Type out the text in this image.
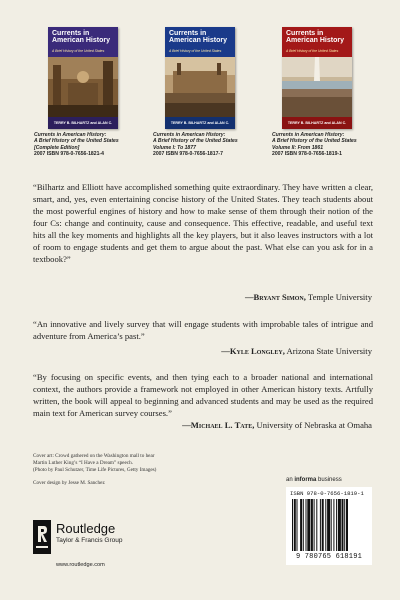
Currents in American History
A Brief History of the United States
TERRY B. BILHARTZ and ALAN C.
Currents in American History
A Brief History of the United States
TERRY B. BILHARTZ and ALAN C.
Currents in American History
A Brief History of the United States
TERRY B. BILHARTZ and ALAN C.
Currents in American History:
A Brief History of the United States
[Complete Edition]
2007 ISBN 978-0-7656-1821-4
Currents in American History:
A Brief History of the United States
Volume I: To 1877
2007 ISBN 978-0-7656-1817-7
Currents in American History:
A Brief History of the United States
Volume II: From 1861
2007 ISBN 978-0-7656-1819-1
“Bilhartz and Elliott have accomplished something quite extraordinary. They have written a clear, smart, and, yes, even entertaining concise history of the United States. They teach students about the most powerful engines of history and how to make sense of them through their notion of the four Cs: change and continuity, cause and consequence. This effective, readable, and useful text hits all the key moments and highlights all the key players, but it also leaves instructors with a lot of room to engage students and get them to argue about the past. What else can you ask for in a textbook?”
—Bryant Simon, Temple University
“An innovative and lively survey that will engage students with improbable tales of intrigue and adventure from America’s past.”
—Kyle Longley, Arizona State University
“By focusing on specific events, and then tying each to a broader national and international context, the authors provide a framework not employed in other American history texts. Artfully written, the book will appeal to beginning and advanced students and may be used as the required main text for American survey courses.”
—Michael L. Tate, University of Nebraska at Omaha
Cover art: Crowd gathered on the Washington mall to hear
Martin Luther King’s “I Have a Dream” speech.
(Photo by Paul Schutzer, Time Life Pictures, Getty Images)
Cover design by Jesse M. Sanchez	an informa business
ISBN 978-0-7656-1819-1
9 780765 618191
Routledge
Taylor & Francis Group
www.routledge.com
